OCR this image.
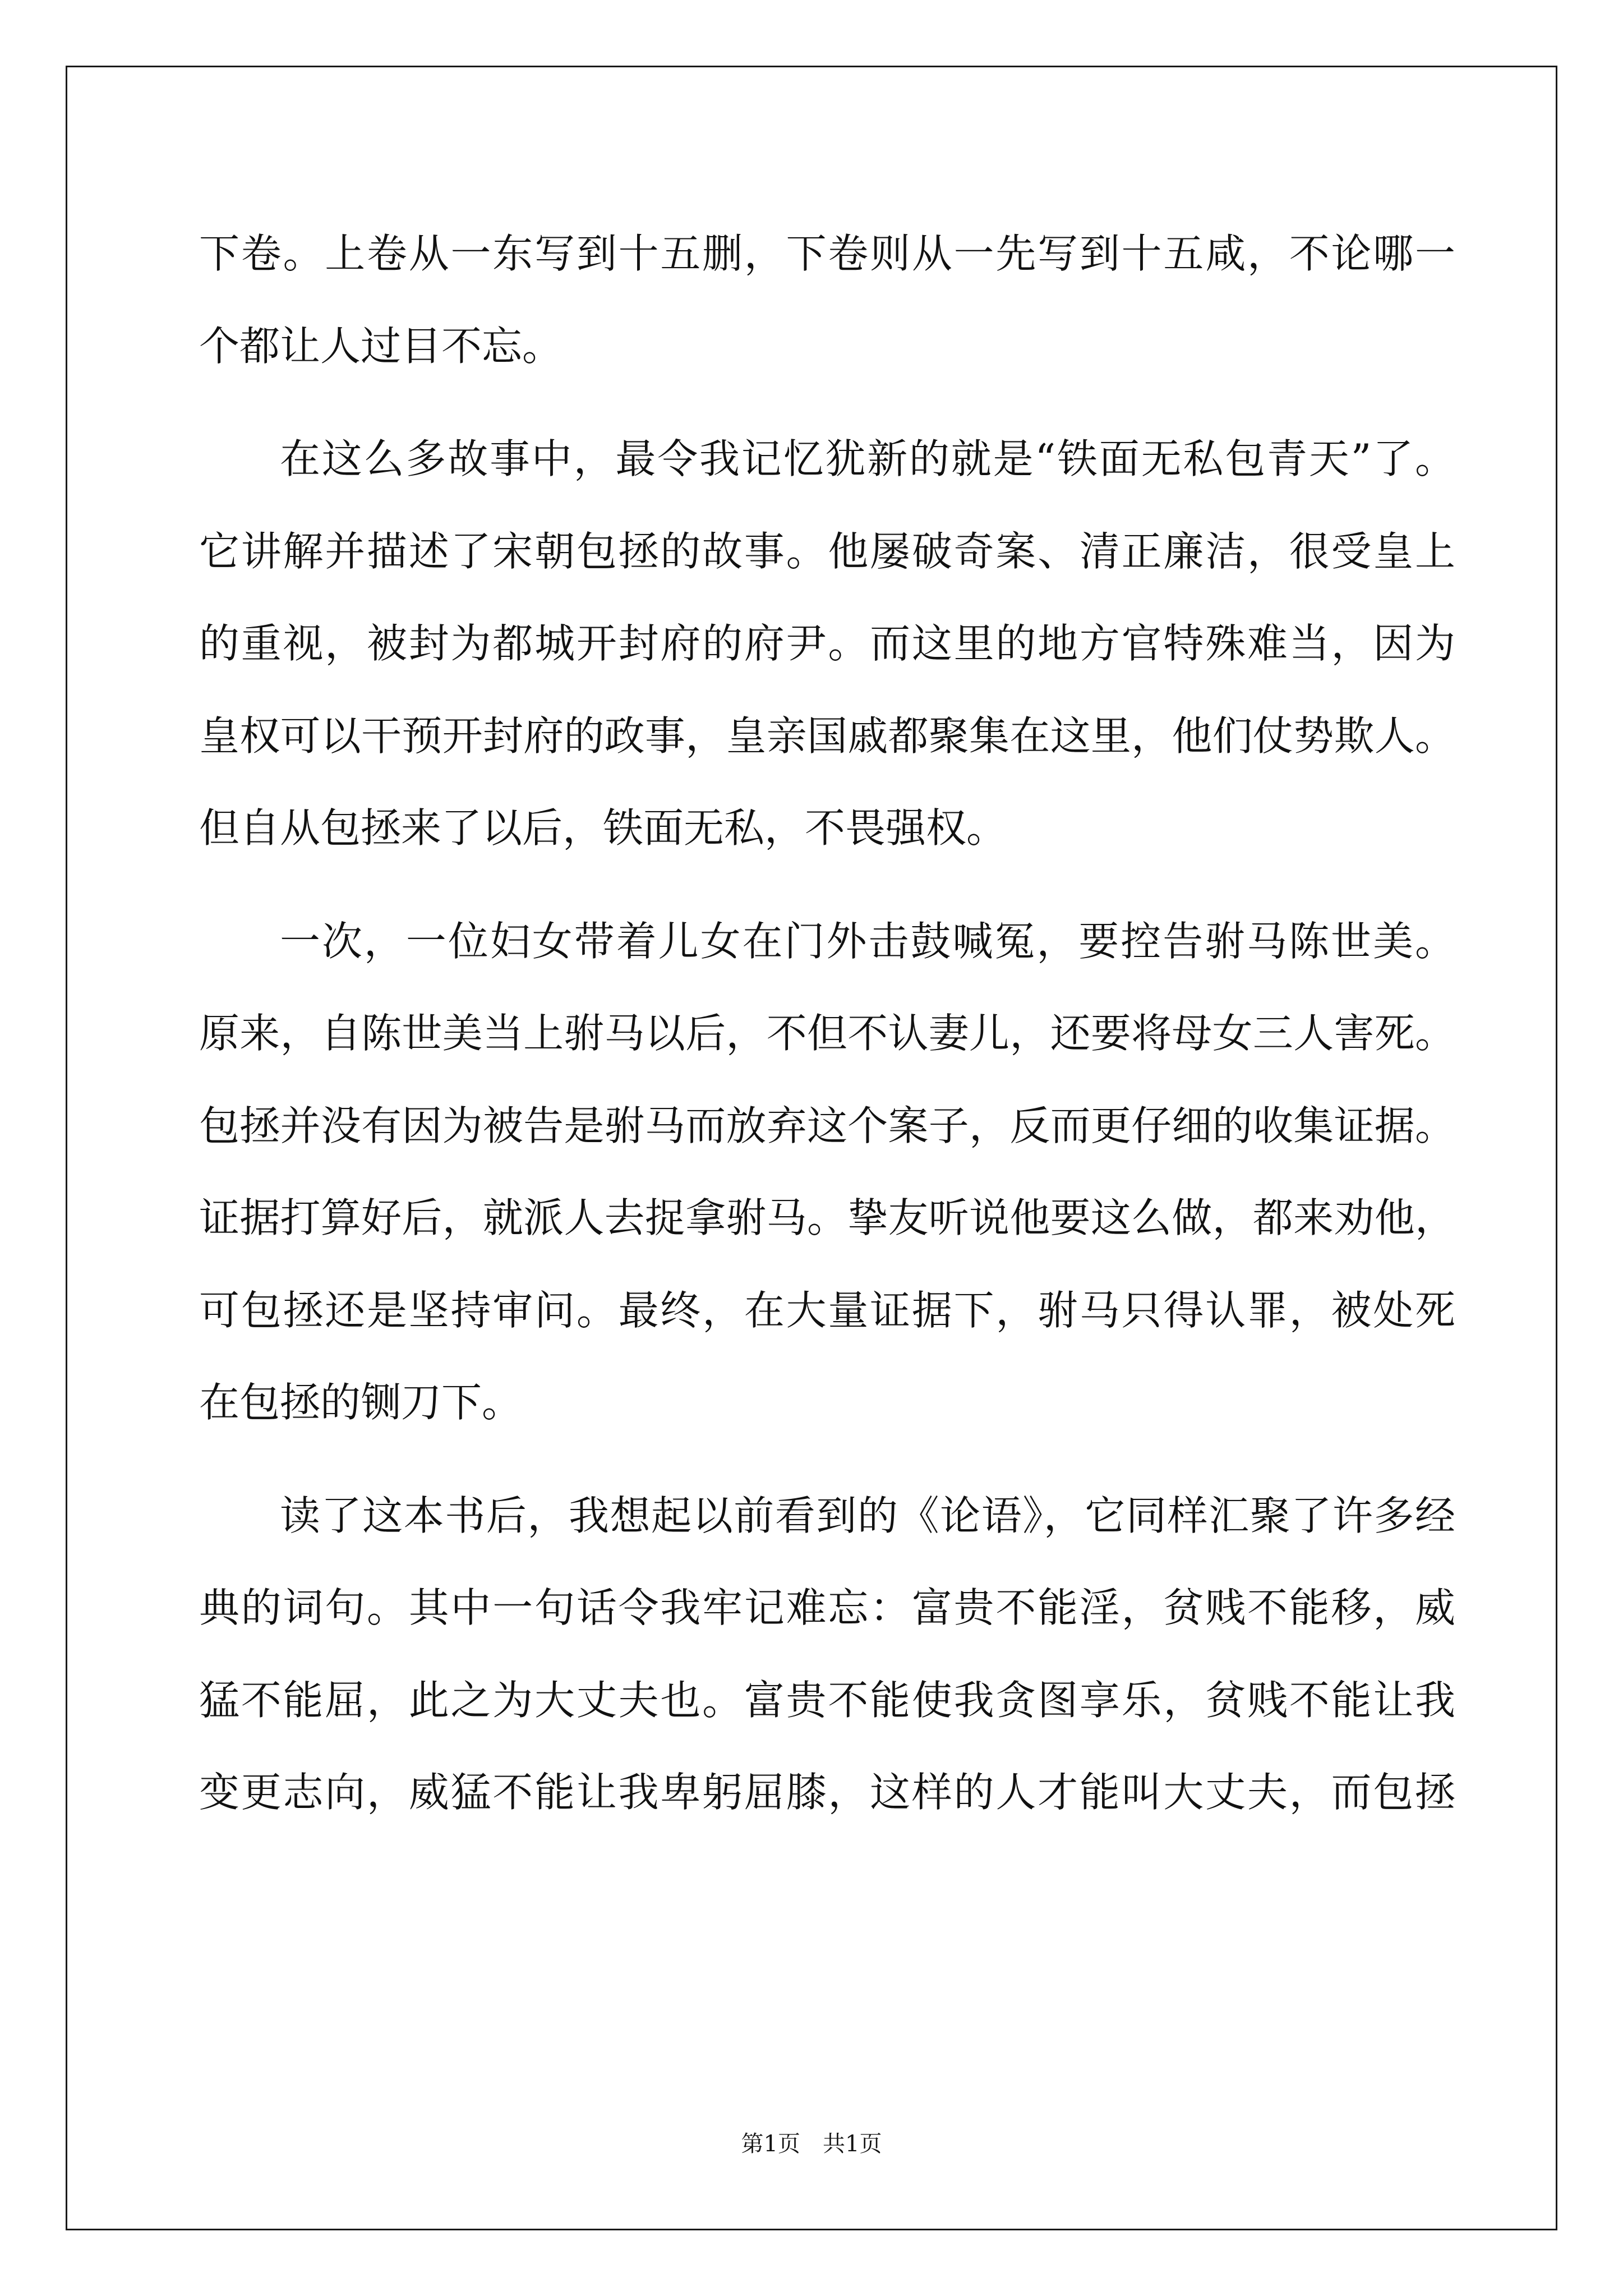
下卷。上卷从一东写到十五删，下卷则从一先写到十五咸，不论哪一
个都让人过目不忘。
在这么多故事中，最令我记忆犹新的就是“铁面无私包青天”了。
它讲解并描述了宋朝包拯的故事。他屡破奇案、清正廉洁，很受皇上
的重视，被封为都城开封府的府尹。而这里的地方官特殊难当，因为
皇权可以干预开封府的政事，皇亲国戚都聚集在这里，他们仗势欺人。
但自从包拯来了以后，铁面无私，不畏强权。
一次，一位妇女带着儿女在门外击鼓喊冤，要控告驸马陈世美。
原来，自陈世美当上驸马以后，不但不认妻儿，还要将母女三人害死。
包拯并没有因为被告是驸马而放弃这个案子，反而更仔细的收集证据。
证据打算好后，就派人去捉拿驸马。挚友听说他要这么做，都来劝他，
可包拯还是坚持审问。最终，在大量证据下，驸马只得认罪，被处死
在包拯的铡刀下。
读了这本书后，我想起以前看到的《论语》，它同样汇聚了许多经
典的词句。其中一句话令我牢记难忘：富贵不能淫，贫贱不能移，威
猛不能屈，此之为大丈夫也。富贵不能使我贪图享乐，贫贱不能让我
变更志向，威猛不能让我卑躬屈膝，这样的人才能叫大丈夫，而包拯
第1页　共1页
